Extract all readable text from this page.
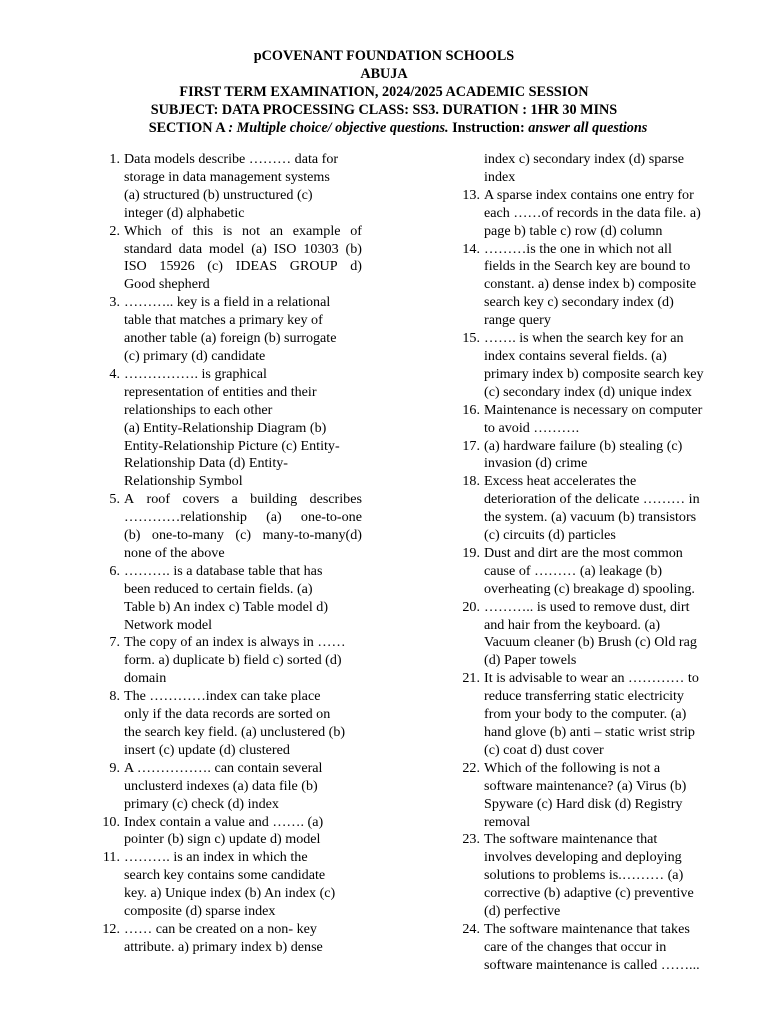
pCOVENANT FOUNDATION SCHOOLS
ABUJA
FIRST TERM EXAMINATION, 2024/2025 ACADEMIC SESSION
SUBJECT: DATA PROCESSING CLASS: SS3. DURATION : 1HR 30 MINS
SECTION A : Multiple choice/ objective questions. Instruction: answer all questions
1. Data models describe ……… data for
storage in data management systems
(a) structured (b) unstructured (c)
integer (d) alphabetic
2. Which of this is not an example of
standard data model (a) ISO 10303 (b)
ISO 15926 (c) IDEAS GROUP d)
Good shepherd
3. ……….. key is a field in a relational
table that matches a primary key of
another table (a) foreign (b) surrogate
(c) primary (d) candidate
4. ……………. is graphical
representation of entities and their
relationships to each other
(a) Entity-Relationship Diagram (b)
Entity-Relationship Picture (c) Entity-
Relationship Data (d) Entity-
Relationship Symbol
5. A roof covers a building describes
…………relationship (a) one-to-one
(b) one-to-many (c) many-to-many(d)
none of the above
6. ………. is a database table that has
been reduced to certain fields. (a)
Table b) An index c) Table model d)
Network model
7. The copy of an index is always in ……
form. a) duplicate b) field c) sorted (d)
domain
8. The …………index can take place
only if the data records are sorted on
the search key field. (a) unclustered (b)
insert (c) update (d) clustered
9. A ……………. can contain several
unclusterd indexes (a) data file (b)
primary (c) check (d) index
10. Index contain a value and ……. (a)
pointer (b) sign c) update d) model
11. ………. is an index in which the
search key contains some candidate
key. a) Unique index (b) An index (c)
composite (d) sparse index
12. …… can be created on a non- key
attribute. a) primary index b) dense
index c) secondary index (d) sparse
index
13. A sparse index contains one entry for
each ……of records in the data file. a)
page b) table c) row (d) column
14. ………is the one in which not all
fields in the Search key are bound to
constant. a) dense index b) composite
search key c) secondary index (d)
range query
15. ……. is when the search key for an
index contains several fields. (a)
primary index b) composite search key
(c) secondary index (d) unique index
16. Maintenance is necessary on computer
to avoid ……….
17. (a) hardware failure (b) stealing (c)
invasion (d) crime
18. Excess heat accelerates the
deterioration of the delicate ……… in
the system. (a) vacuum (b) transistors
(c) circuits (d) particles
19. Dust and dirt are the most common
cause of ……… (a) leakage (b)
overheating (c) breakage d) spooling.
20. ……….. is used to remove dust, dirt
and hair from the keyboard. (a)
Vacuum cleaner (b) Brush (c) Old rag
(d) Paper towels
21. It is advisable to wear an ………… to
reduce transferring static electricity
from your body to the computer. (a)
hand glove (b) anti – static wrist strip
(c) coat d) dust cover
22. Which of the following is not a
software maintenance? (a) Virus (b)
Spyware (c) Hard disk (d) Registry
removal
23. The software maintenance that
involves developing and deploying
solutions to problems is.……… (a)
corrective (b) adaptive (c) preventive
(d) perfective
24. The software maintenance that takes
care of the changes that occur in
software maintenance is called ……...
